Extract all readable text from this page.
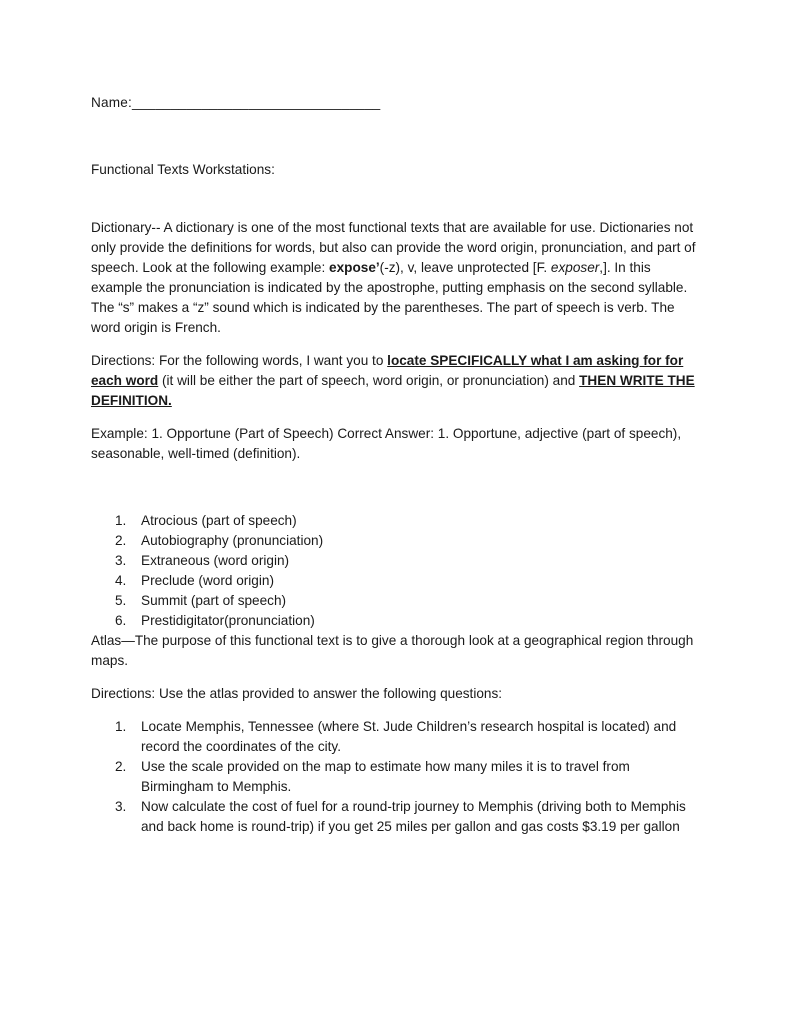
Name:________________________________
Functional Texts Workstations:
Dictionary-- A dictionary is one of the most functional texts that are available for use. Dictionaries not only provide the definitions for words, but also can provide the word origin, pronunciation, and part of speech. Look at the following example: expose’(-z), v, leave unprotected [F. exposer,]. In this example the pronunciation is indicated by the apostrophe, putting emphasis on the second syllable. The “s” makes a “z” sound which is indicated by the parentheses. The part of speech is verb. The word origin is French.
Directions: For the following words, I want you to locate SPECIFICALLY what I am asking for for each word (it will be either the part of speech, word origin, or pronunciation) and THEN WRITE THE DEFINITION.
Example: 1. Opportune (Part of Speech) Correct Answer: 1. Opportune, adjective (part of speech), seasonable, well-timed (definition).
1.	Atrocious (part of speech)
2.	Autobiography (pronunciation)
3.	Extraneous (word origin)
4.	Preclude (word origin)
5.	Summit (part of speech)
6.	Prestidigitator(pronunciation)
Atlas—The purpose of this functional text is to give a thorough look at a geographical region through maps.
Directions: Use the atlas provided to answer the following questions:
1.	Locate Memphis, Tennessee (where St. Jude Children’s research hospital is located) and record the coordinates of the city.
2.	Use the scale provided on the map to estimate how many miles it is to travel from Birmingham to Memphis.
3.	Now calculate the cost of fuel for a round-trip journey to Memphis (driving both to Memphis and back home is round-trip) if you get 25 miles per gallon and gas costs $3.19 per gallon
